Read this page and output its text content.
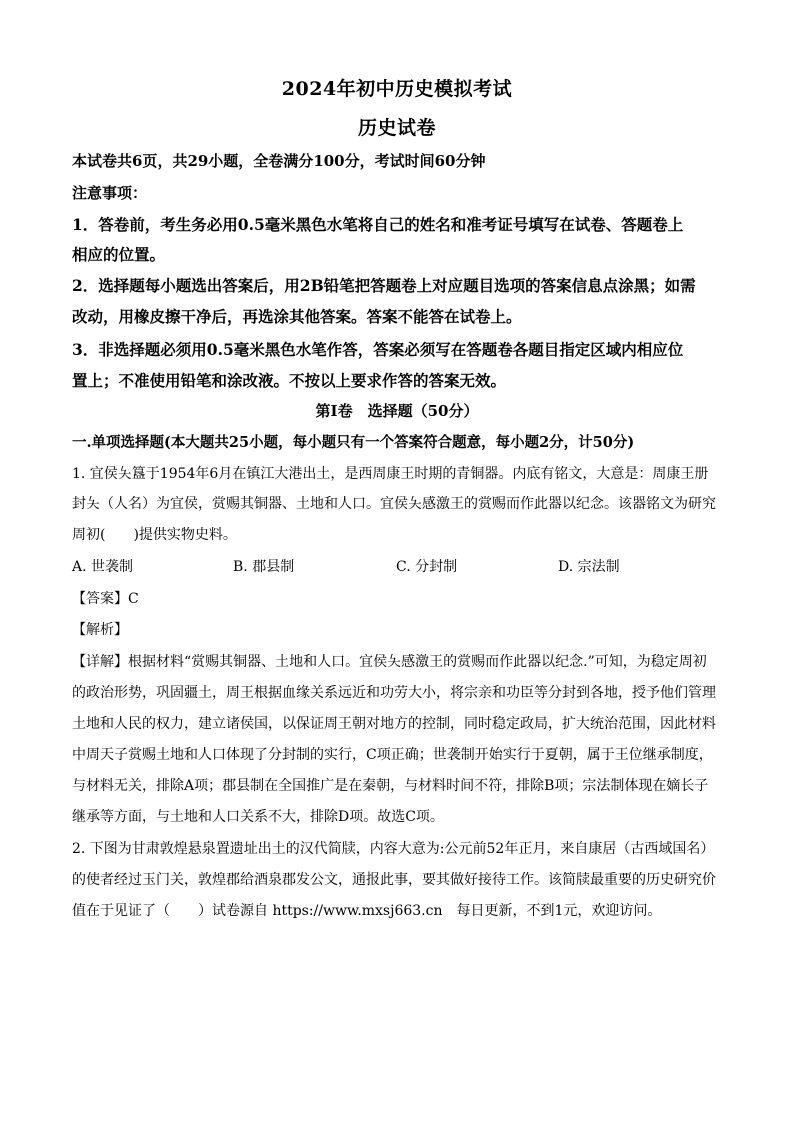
2024年初中历史模拟考试
历史试卷
本试卷共6页，共29小题，全卷满分100分，考试时间60分钟
注意事项：
1．答卷前，考生务必用0.5毫米黑色水笔将自己的姓名和准考证号填写在试卷、答题卷上
相应的位置。
2．选择题每小题选出答案后，用2B铅笔把答题卷上对应题目选项的答案信息点涂黑；如需
改动，用橡皮擦干净后，再选涂其他答案。答案不能答在试卷上。
3．非选择题必须用0.5毫米黑色水笔作答，答案必须写在答题卷各题目指定区域内相应位
置上；不准使用铅笔和涂改液。不按以上要求作答的答案无效。
第Ⅰ卷　选择题（50分）
一.单项选择题(本大题共25小题，每小题只有一个答案符合题意，每小题2分，计50分)
1. 宜侯夨簋于1954年6月在镇江大港出土，是西周康王时期的青铜器。内底有铭文，大意是：周康王册
封夨（人名）为宜侯，赏赐其铜器、土地和人口。宜侯夨感激王的赏赐而作此器以纪念。该器铭文为研究
周初(　　)提供实物史料。
A. 世袭制	B. 郡县制	C. 分封制	D. 宗法制
【答案】C
【解析】
【详解】根据材料“赏赐其铜器、土地和人口。宜侯夨感激王的赏赐而作此器以纪念.”可知，为稳定周初
的政治形势，巩固疆土，周王根据血缘关系远近和功劳大小，将宗亲和功臣等分封到各地，授予他们管理
土地和人民的权力，建立诸侯国，以保证周王朝对地方的控制，同时稳定政局，扩大统治范围，因此材料
中周天子赏赐土地和人口体现了分封制的实行，C项正确；世袭制开始实行于夏朝，属于王位继承制度，
与材料无关，排除A项；郡县制在全国推广是在秦朝，与材料时间不符，排除B项；宗法制体现在嫡长子
继承等方面，与土地和人口关系不大，排除D项。故选C项。
2. 下图为甘肃敦煌悬泉置遗址出土的汉代简牍，内容大意为:公元前52年正月，来自康居（古西域国名）
的使者经过玉门关，敦煌郡给酒泉郡发公文，通报此事，要其做好接待工作。该简牍最重要的历史研究价
值在于见证了（　　）试卷源自 https://www.mxsj663.cn　每日更新，不到1元，欢迎访问。
